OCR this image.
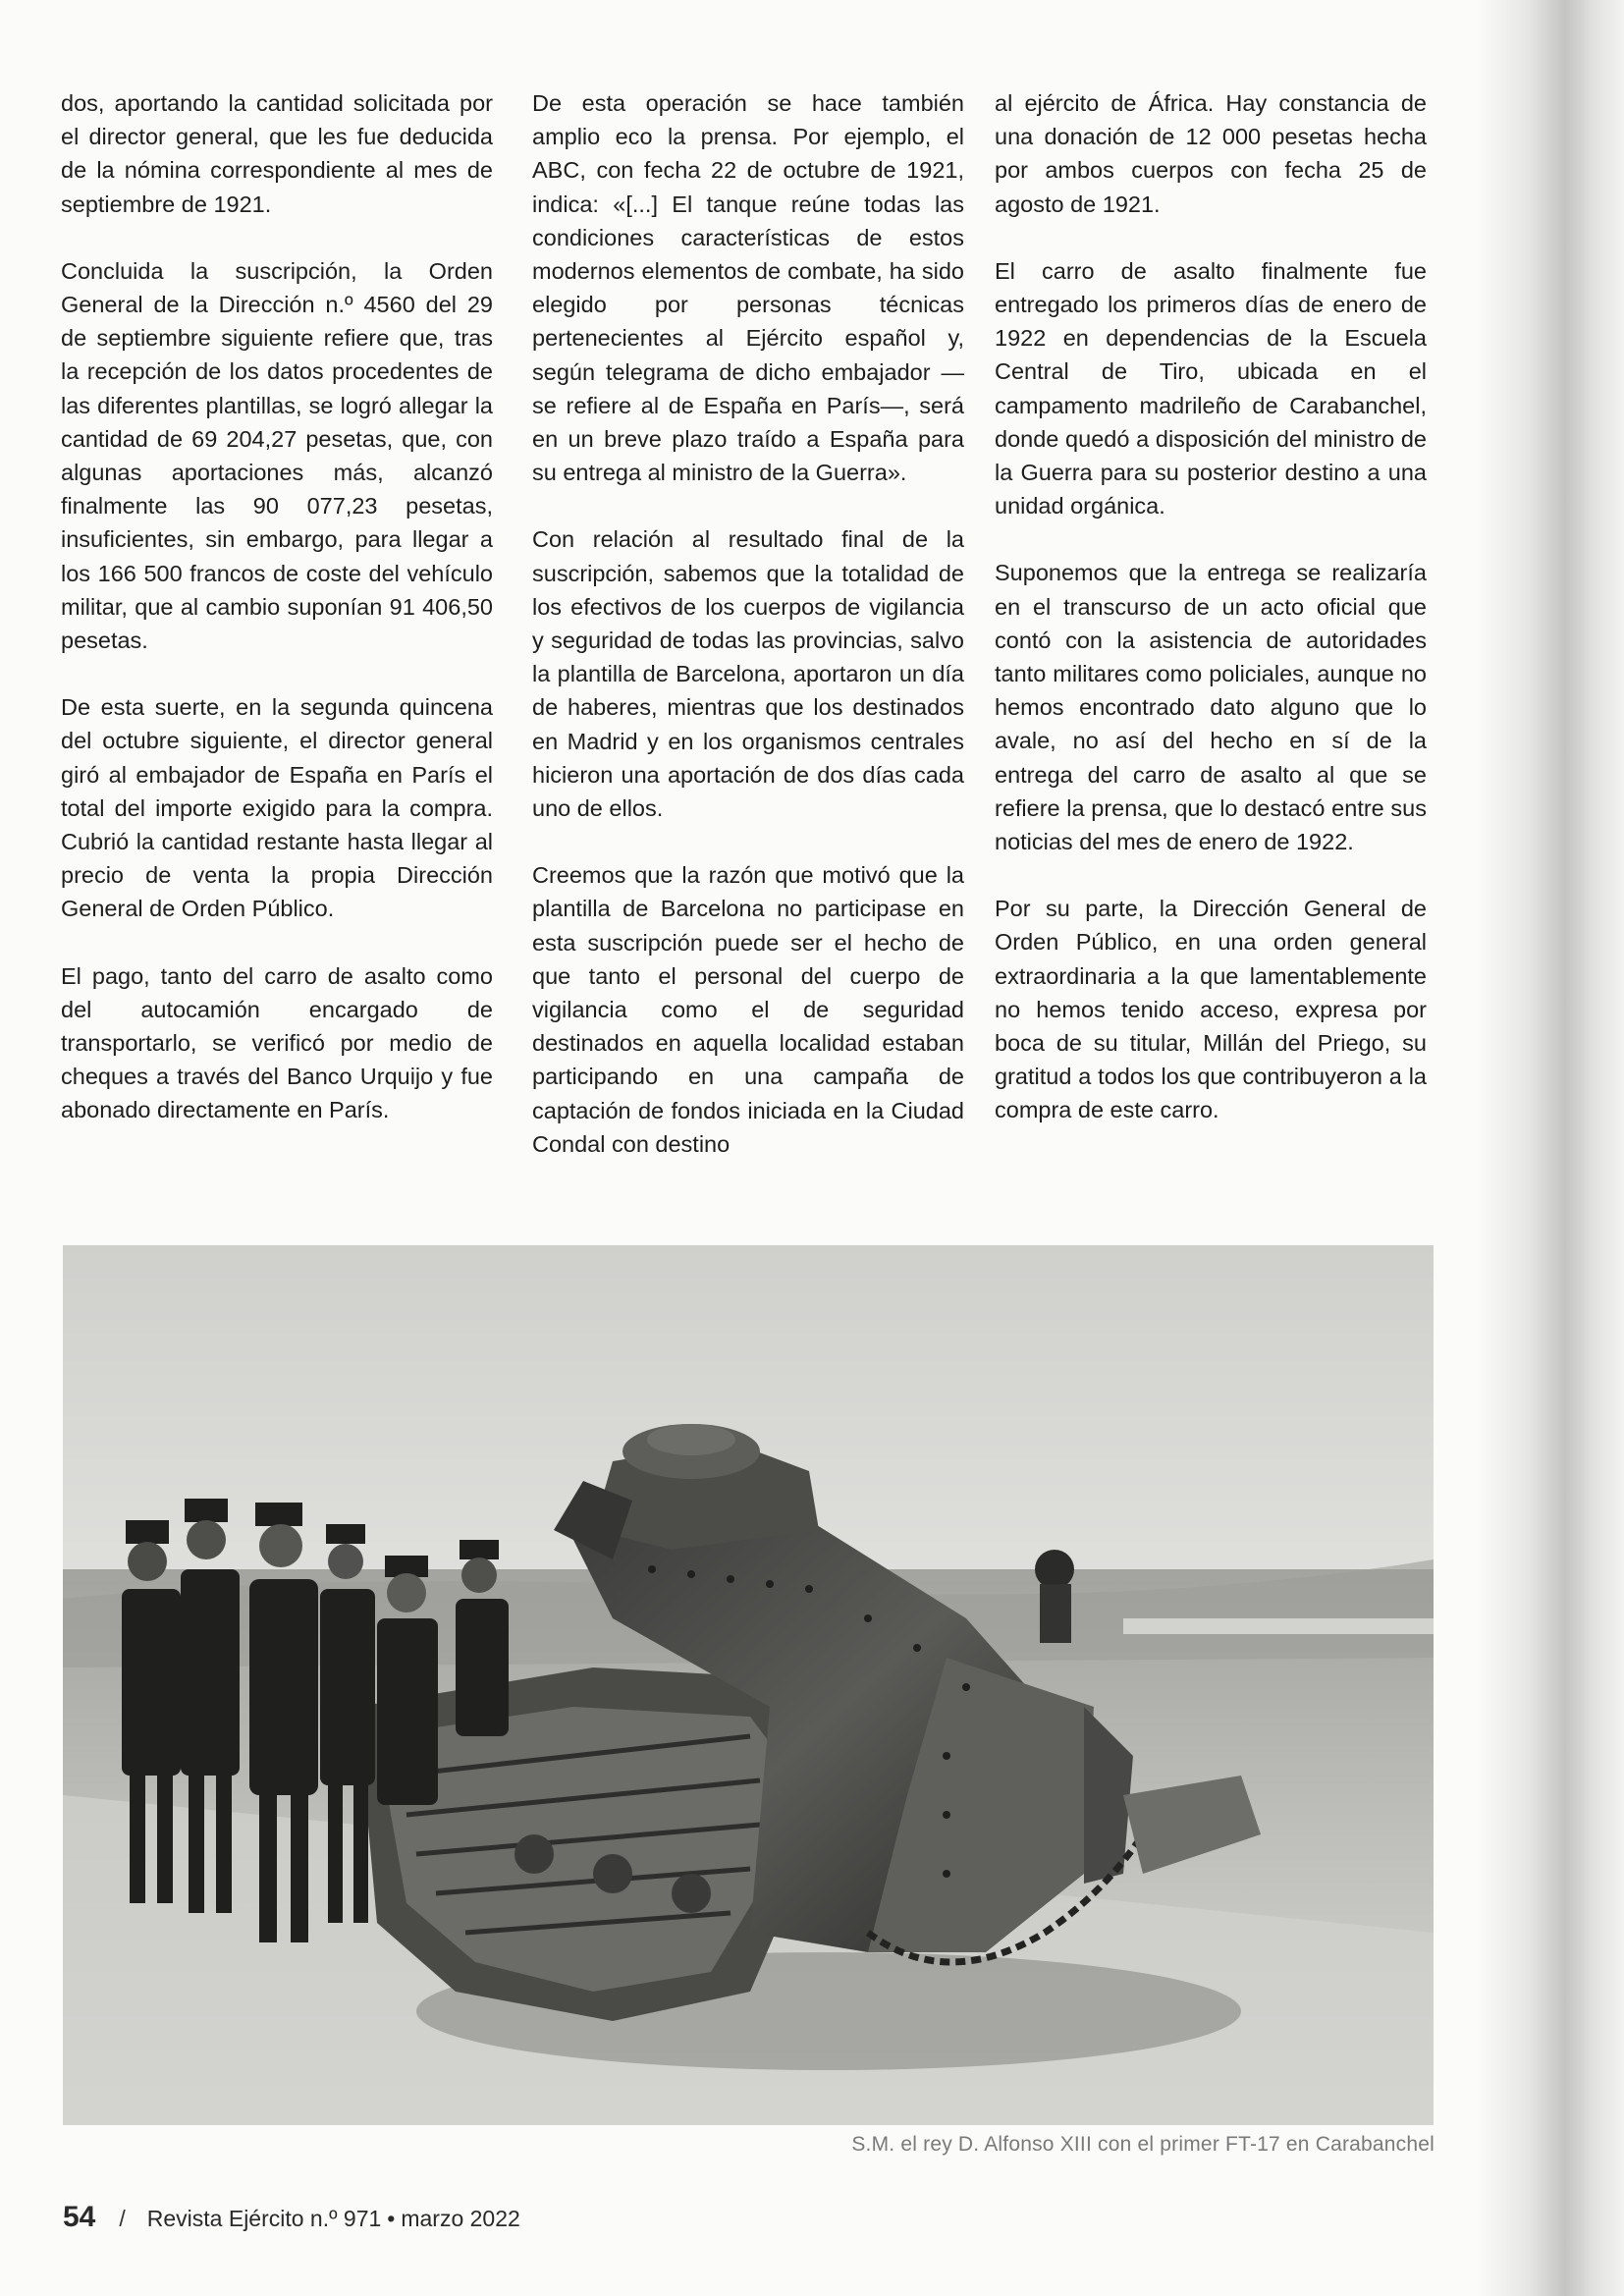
dos, aportando la cantidad solicitada por el director general, que les fue deducida de la nómina correspondiente al mes de septiembre de 1921.

Concluida la suscripción, la Orden General de la Dirección n.º 4560 del 29 de septiembre siguiente refiere que, tras la recepción de los datos procedentes de las diferentes plantillas, se logró allegar la cantidad de 69 204,27 pesetas, que, con algunas aportaciones más, alcanzó finalmente las 90 077,23 pesetas, insuficientes, sin embargo, para llegar a los 166 500 francos de coste del vehículo militar, que al cambio suponían 91 406,50 pesetas.

De esta suerte, en la segunda quincena del octubre siguiente, el director general giró al embajador de España en París el total del importe exigido para la compra. Cubrió la cantidad restante hasta llegar al precio de venta la propia Dirección General de Orden Público.

El pago, tanto del carro de asalto como del autocamión encargado de transportarlo, se verificó por medio de cheques a través del Banco Urquijo y fue abonado directamente en París.

De esta operación se hace también amplio eco la prensa. Por ejemplo, el ABC, con fecha 22 de octubre de 1921, indica: «[...] El tanque reúne todas las condiciones características de estos modernos elementos de combate, ha sido elegido por personas técnicas pertenecientes al Ejército español y, según telegrama de dicho embajador —se refiere al de España en París—, será en un breve plazo traído a España para su entrega al ministro de la Guerra».

Con relación al resultado final de la suscripción, sabemos que la totalidad de los efectivos de los cuerpos de vigilancia y seguridad de todas las provincias, salvo la plantilla de Barcelona, aportaron un día de haberes, mientras que los destinados en Madrid y en los organismos centrales hicieron una aportación de dos días cada uno de ellos.

Creemos que la razón que motivó que la plantilla de Barcelona no participase en esta suscripción puede ser el hecho de que tanto el personal del cuerpo de vigilancia como el de seguridad destinados en aquella localidad estaban participando en una campaña de captación de fondos iniciada en la Ciudad Condal con destino

al ejército de África. Hay constancia de una donación de 12 000 pesetas hecha por ambos cuerpos con fecha 25 de agosto de 1921.

El carro de asalto finalmente fue entregado los primeros días de enero de 1922 en dependencias de la Escuela Central de Tiro, ubicada en el campamento madrileño de Carabanchel, donde quedó a disposición del ministro de la Guerra para su posterior destino a una unidad orgánica.

Suponemos que la entrega se realizaría en el transcurso de un acto oficial que contó con la asistencia de autoridades tanto militares como policiales, aunque no hemos encontrado dato alguno que lo avale, no así del hecho en sí de la entrega del carro de asalto al que se refiere la prensa, que lo destacó entre sus noticias del mes de enero de 1922.

Por su parte, la Dirección General de Orden Público, en una orden general extraordinaria a la que lamentablemente no hemos tenido acceso, expresa por boca de su titular, Millán del Priego, su gratitud a todos los que contribuyeron a la compra de este carro.

S.M. el rey D. Alfonso XIII con el primer FT-17 en Carabanchel
54 / Revista Ejército n.º 971 • marzo 2022
